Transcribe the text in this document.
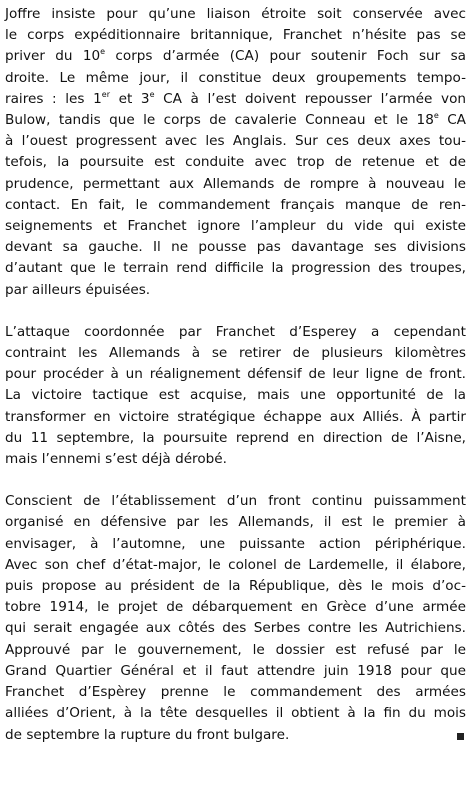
Joffre insiste pour qu’une liaison étroite soit conservée avec
le corps expéditionnaire britannique, Franchet n’hésite pas se
priver du 10e corps d’armée (CA) pour soutenir Foch sur sa
droite. Le même jour, il constitue deux groupements tempo-
raires : les 1er et 3e CA à l’est doivent repousser l’armée von
Bulow, tandis que le corps de cavalerie Conneau et le 18e CA
à l’ouest progressent avec les Anglais. Sur ces deux axes tou-
tefois, la poursuite est conduite avec trop de retenue et de
prudence, permettant aux Allemands de rompre à nouveau le
contact. En fait, le commandement français manque de ren-
seignements et Franchet ignore l’ampleur du vide qui existe
devant sa gauche. Il ne pousse pas davantage ses divisions
d’autant que le terrain rend difficile la progression des troupes,
par ailleurs épuisées.

L’attaque coordonnée par Franchet d’Esperey a cependant
contraint les Allemands à se retirer de plusieurs kilomètres
pour procéder à un réalignement défensif de leur ligne de front.
La victoire tactique est acquise, mais une opportunité de la
transformer en victoire stratégique échappe aux Alliés. À partir
du 11 septembre, la poursuite reprend en direction de l’Aisne,
mais l’ennemi s’est déjà dérobé.

Conscient de l’établissement d’un front continu puissamment
organisé en défensive par les Allemands, il est le premier à
envisager, à l’automne, une puissante action périphérique.
Avec son chef d’état-major, le colonel de Lardemelle, il élabore,
puis propose au président de la République, dès le mois d’oc-
tobre 1914, le projet de débarquement en Grèce d’une armée
qui serait engagée aux côtés des Serbes contre les Autrichiens.
Approuvé par le gouvernement, le dossier est refusé par le
Grand Quartier Général et il faut attendre juin 1918 pour que
Franchet d’Espèrey prenne le commandement des armées
alliées d’Orient, à la tête desquelles il obtient à la fin du mois
de septembre la rupture du front bulgare.
